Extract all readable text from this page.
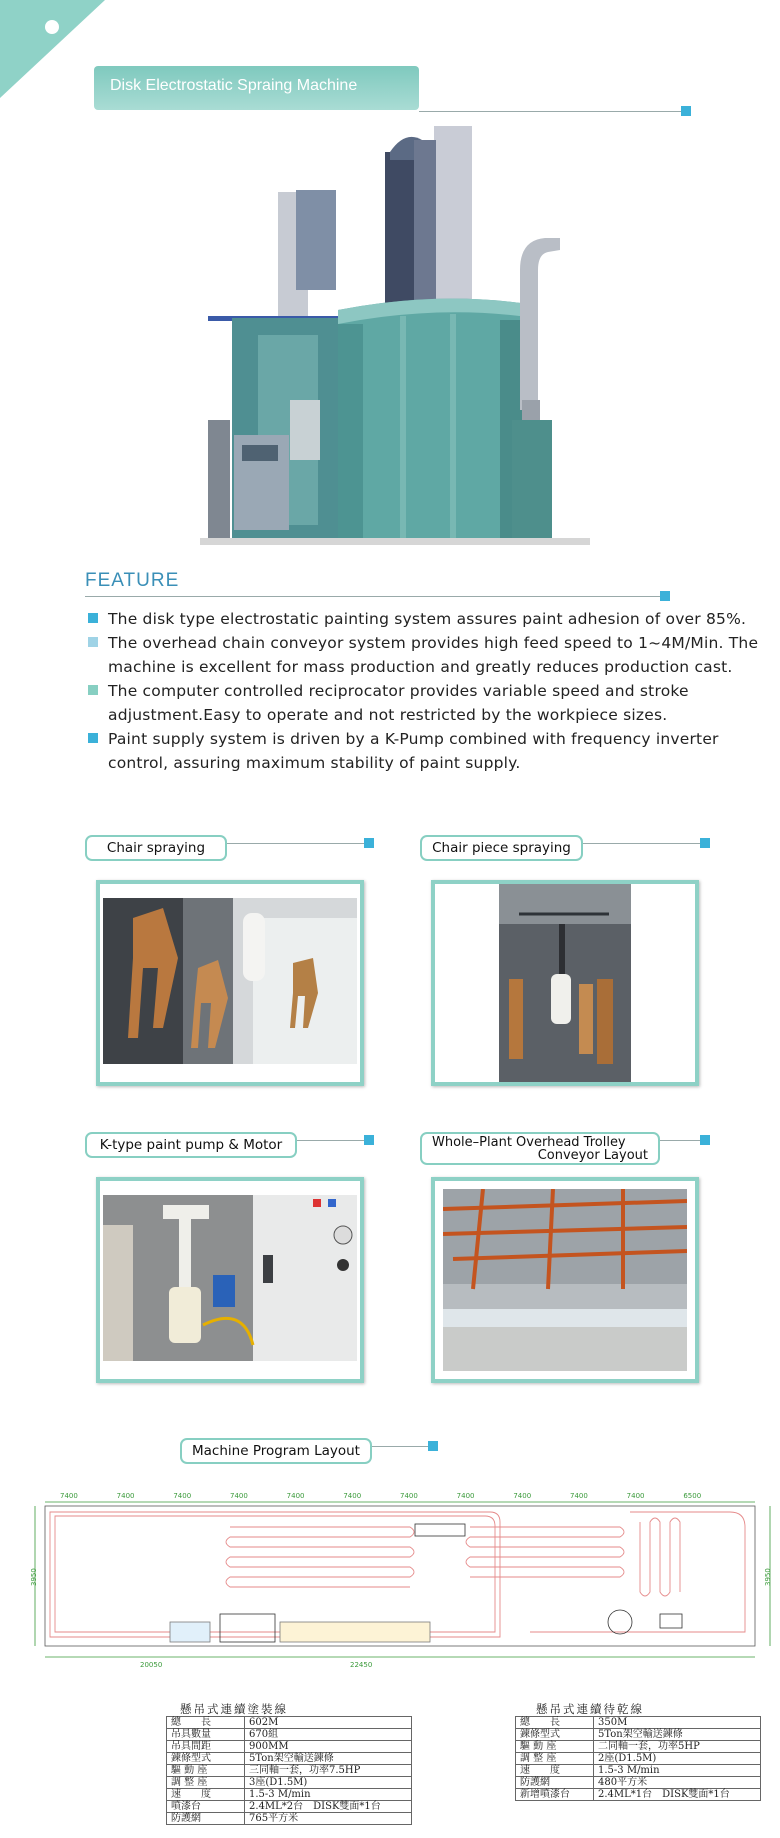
Disk Electrostatic Spraing Machine
FEATURE
The disk type electrostatic painting system assures paint adhesion of over 85%.
The overhead chain conveyor system provides high feed speed to 1~4M/Min. The machine is excellent for mass production and greatly reduces production cast.
The computer controlled reciprocator provides variable speed and stroke adjustment.Easy to operate and not restricted by the workpiece sizes.
Paint supply system is driven by a K-Pump combined with frequency inverter control, assuring maximum stability of paint supply.
Chair spraying	Chair piece spraying
K-type paint pump & Motor	Whole–Plant Overhead Trolley
Conveyor Layout
Machine Program Layout
7400	7400	7400	7400	7400	7400	7400	7400	7400	7400	7400	6500
3950	3950
20050	22450
懸吊式連續塗裝線
總　　長	602M
吊具數量	670組
吊具間距	900MM
鍊條型式	5Ton架空輸送鍊條
驅 動 座	三同軸一套，功率7.5HP
調 整 座	3座(D1.5M)
速　　度	1.5-3 M/min
噴漆台	2.4ML*2台　DISK雙面*1台
防護網	765平方米
懸吊式連續待乾線
總　　長	350M
鍊條型式	5Ton架空輸送鍊條
驅 動 座	二同軸一套，功率5HP
調 整 座	2座(D1.5M)
速　　度	1.5-3 M/min
防護網	480平方米
新增噴漆台	2.4ML*1台　DISK雙面*1台
